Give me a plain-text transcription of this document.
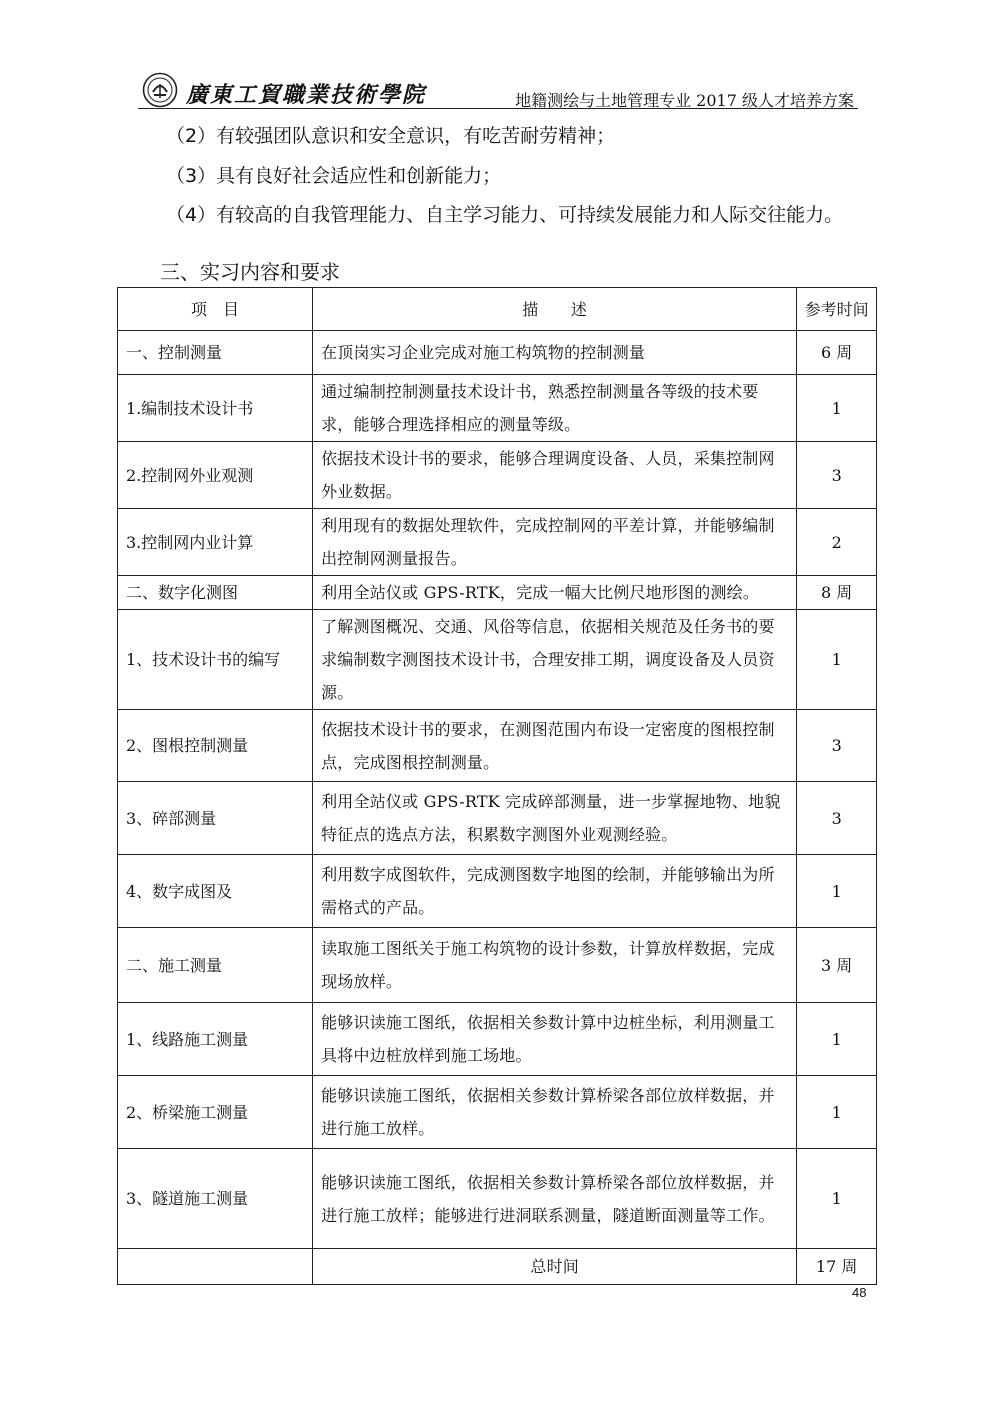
廣東工貿職業技術學院	地籍测绘与土地管理专业 2017 级人才培养方案
（2）有较强团队意识和安全意识，有吃苦耐劳精神；
（3）具有良好社会适应性和创新能力；
（4）有较高的自我管理能力、自主学习能力、可持续发展能力和人际交往能力。
三、实习内容和要求
项　目	描　　述	参考时间
一、控制测量	在顶岗实习企业完成对施工构筑物的控制测量	6 周
1.编制技术设计书	通过编制控制测量技术设计书，熟悉控制测量各等级的技术要求，能够合理选择相应的测量等级。	1
2.控制网外业观测	依据技术设计书的要求，能够合理调度设备、人员，采集控制网外业数据。	3
3.控制网内业计算	利用现有的数据处理软件，完成控制网的平差计算，并能够编制出控制网测量报告。	2
二、数字化测图	利用全站仪或 GPS-RTK，完成一幅大比例尺地形图的测绘。	8 周
1、技术设计书的编写	了解测图概况、交通、风俗等信息，依据相关规范及任务书的要求编制数字测图技术设计书，合理安排工期，调度设备及人员资源。	1
2、图根控制测量	依据技术设计书的要求，在测图范围内布设一定密度的图根控制点，完成图根控制测量。	3
3、碎部测量	利用全站仪或 GPS-RTK 完成碎部测量，进一步掌握地物、地貌特征点的选点方法，积累数字测图外业观测经验。	3
4、数字成图及	利用数字成图软件，完成测图数字地图的绘制，并能够输出为所需格式的产品。	1
二、施工测量	读取施工图纸关于施工构筑物的设计参数，计算放样数据，完成现场放样。	3 周
1、线路施工测量	能够识读施工图纸，依据相关参数计算中边桩坐标，利用测量工具将中边桩放样到施工场地。	1
2、桥梁施工测量	能够识读施工图纸，依据相关参数计算桥梁各部位放样数据，并进行施工放样。	1
3、隧道施工测量	能够识读施工图纸，依据相关参数计算桥梁各部位放样数据，并进行施工放样；能够进行进洞联系测量，隧道断面测量等工作。	1
	总时间	17 周
48
